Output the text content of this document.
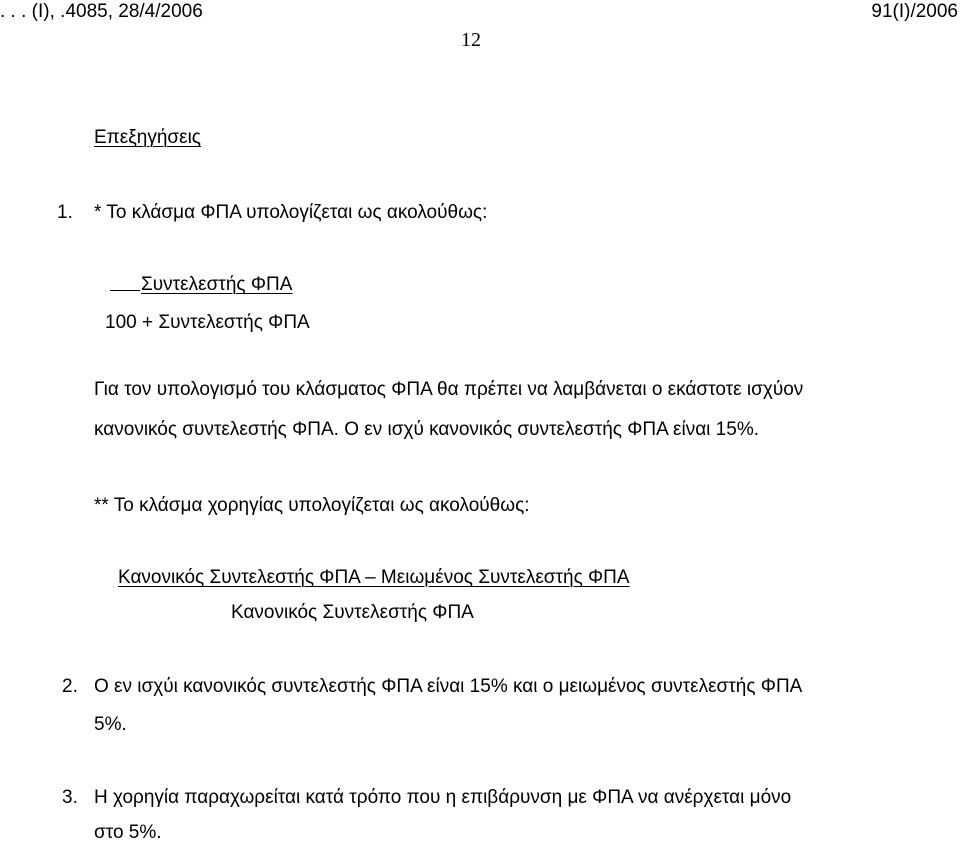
. . . (Ι), .4085, 28/4/2006	91(I)/2006
12
Επεξηγήσεις
1. * Το κλάσμα ΦΠΑ υπολογίζεται ως ακολούθως:
Συντελεστής ΦΠΑ
100 + Συντελεστής ΦΠΑ
Για τον υπολογισμό του κλάσματος ΦΠΑ θα πρέπει να λαμβάνεται ο εκάστοτε ισχύον
κανονικός συντελεστής ΦΠΑ. Ο εν ισχύ κανονικός συντελεστής ΦΠΑ είναι 15%.
** Το κλάσμα χορηγίας υπολογίζεται ως ακολούθως:
Κανονικός Συντελεστής ΦΠΑ – Μειωμένος Συντελεστής ΦΠΑ
Κανονικός Συντελεστής ΦΠΑ
2. Ο εν ισχύι κανονικός συντελεστής ΦΠΑ είναι 15% και ο μειωμένος συντελεστής ΦΠΑ
5%.
3. Η χορηγία παραχωρείται κατά τρόπο που η επιβάρυνση με ΦΠΑ να ανέρχεται μόνο
στο 5%.
